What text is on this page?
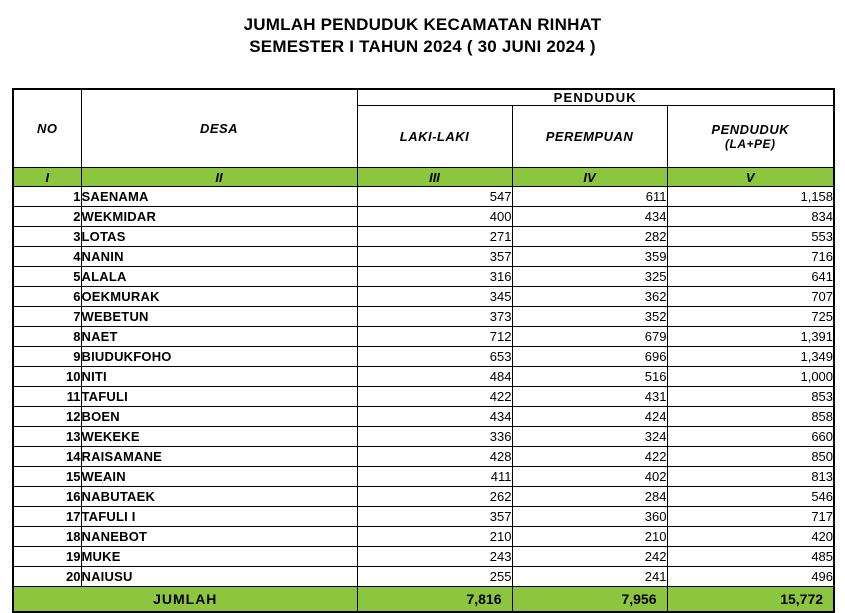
JUMLAH PENDUDUK KECAMATAN RINHAT
SEMESTER I TAHUN 2024 ( 30 JUNI 2024 )
NO	DESA	PENDUDUK		
		LAKI-LAKI	PEREMPUAN	PENDUDUK
(LA+PE)

I	II	III	IV	V
1	SAENAMA	547	611	1,158
2	WEKMIDAR	400	434	834
3	LOTAS	271	282	553
4	NANIN	357	359	716
5	ALALA	316	325	641
6	OEKMURAK	345	362	707
7	WEBETUN	373	352	725
8	NAET	712	679	1,391
9	BIUDUKFOHO	653	696	1,349
10	NITI	484	516	1,000
11	TAFULI	422	431	853
12	BOEN	434	424	858
13	WEKEKE	336	324	660
14	RAISAMANE	428	422	850
15	WEAIN	411	402	813
16	NABUTAEK	262	284	546
17	TAFULI I	357	360	717
18	NANEBOT	210	210	420
19	MUKE	243	242	485
20	NAIUSU	255	241	496
JUMLAH		7,816	7,956	15,772
